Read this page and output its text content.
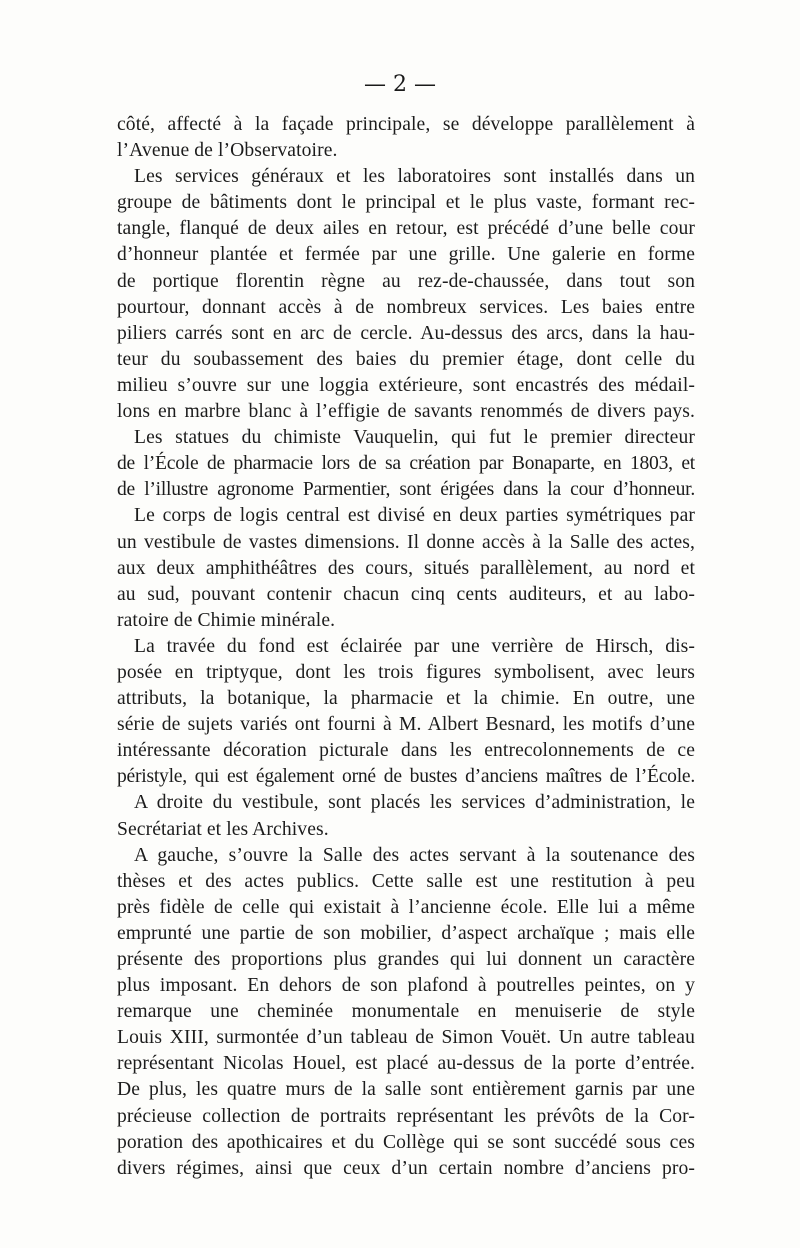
— 2 —
côté, affecté à la façade principale, se développe parallèlement à
l’Avenue de l’Observatoire.
Les services généraux et les laboratoires sont installés dans un
groupe de bâtiments dont le principal et le plus vaste, formant rec-
tangle, flanqué de deux ailes en retour, est précédé d’une belle cour
d’honneur plantée et fermée par une grille. Une galerie en forme
de portique florentin règne au rez-de-chaussée, dans tout son
pourtour, donnant accès à de nombreux services. Les baies entre
piliers carrés sont en arc de cercle. Au-dessus des arcs, dans la hau-
teur du soubassement des baies du premier étage, dont celle du
milieu s’ouvre sur une loggia extérieure, sont encastrés des médail-
lons en marbre blanc à l’effigie de savants renommés de divers pays.
Les statues du chimiste Vauquelin, qui fut le premier directeur
de l’École de pharmacie lors de sa création par Bonaparte, en 1803, et
de l’illustre agronome Parmentier, sont érigées dans la cour d’honneur.
Le corps de logis central est divisé en deux parties symétriques par
un vestibule de vastes dimensions. Il donne accès à la Salle des actes,
aux deux amphithéâtres des cours, situés parallèlement, au nord et
au sud, pouvant contenir chacun cinq cents auditeurs, et au labo-
ratoire de Chimie minérale.
La travée du fond est éclairée par une verrière de Hirsch, dis-
posée en triptyque, dont les trois figures symbolisent, avec leurs
attributs, la botanique, la pharmacie et la chimie. En outre, une
série de sujets variés ont fourni à M. Albert Besnard, les motifs d’une
intéressante décoration picturale dans les entrecolonnements de ce
péristyle, qui est également orné de bustes d’anciens maîtres de l’École.
A droite du vestibule, sont placés les services d’administration, le
Secrétariat et les Archives.
A gauche, s’ouvre la Salle des actes servant à la soutenance des
thèses et des actes publics. Cette salle est une restitution à peu
près fidèle de celle qui existait à l’ancienne école. Elle lui a même
emprunté une partie de son mobilier, d’aspect archaïque ; mais elle
présente des proportions plus grandes qui lui donnent un caractère
plus imposant. En dehors de son plafond à poutrelles peintes, on y
remarque une cheminée monumentale en menuiserie de style
Louis XIII, surmontée d’un tableau de Simon Vouët. Un autre tableau
représentant Nicolas Houel, est placé au-dessus de la porte d’entrée.
De plus, les quatre murs de la salle sont entièrement garnis par une
précieuse collection de portraits représentant les prévôts de la Cor-
poration des apothicaires et du Collège qui se sont succédé sous ces
divers régimes, ainsi que ceux d’un certain nombre d’anciens pro-
